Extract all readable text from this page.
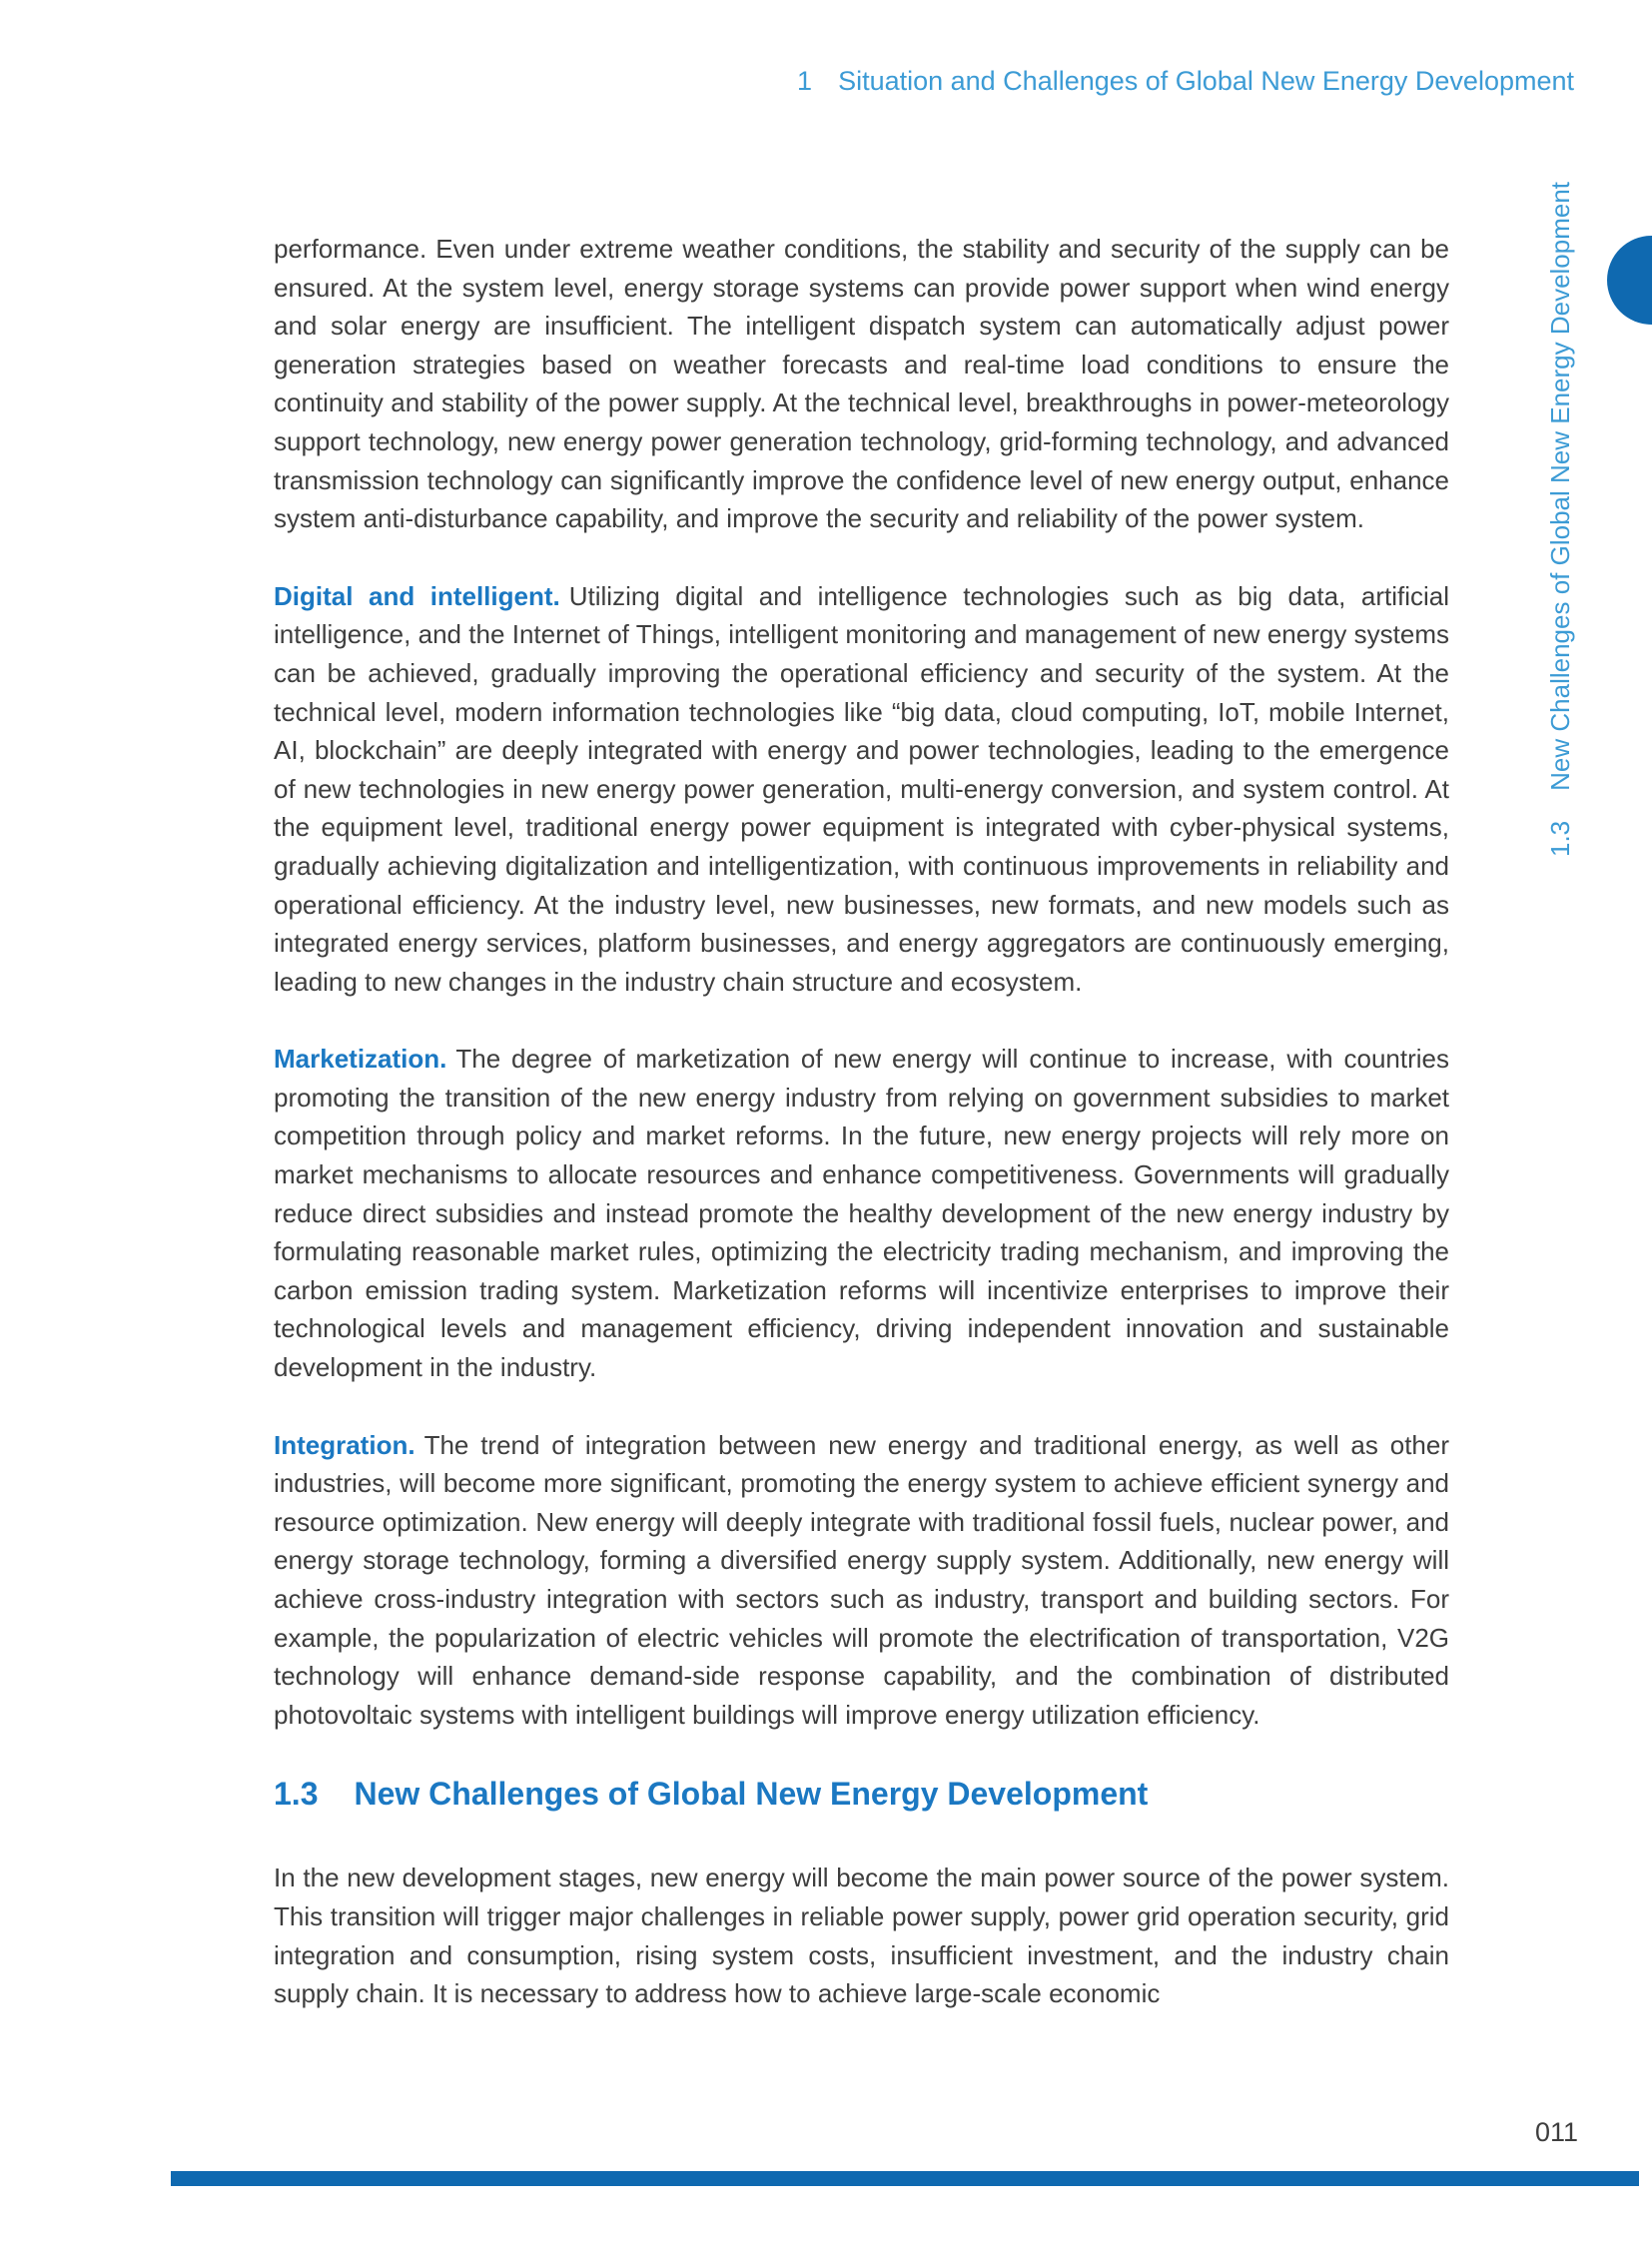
1 Situation and Challenges of Global New Energy Development
1.3New Challenges of Global New Energy Development

performance. Even under extreme weather conditions, the stability and security of the supply can be ensured. At the system level, energy storage systems can provide power support when wind energy and solar energy are insufficient. The intelligent dispatch system can automatically adjust power generation strategies based on weather forecasts and real-time load conditions to ensure the continuity and stability of the power supply. At the technical level, breakthroughs in power-meteorology support technology, new energy power generation technology, grid-forming technology, and advanced transmission technology can significantly improve the confidence level of new energy output, enhance system anti-disturbance capability, and improve the security and reliability of the power system.

Digital and intelligent. Utilizing digital and intelligence technologies such as big data, artificial intelligence, and the Internet of Things, intelligent monitoring and management of new energy systems can be achieved, gradually improving the operational efficiency and security of the system. At the technical level, modern information technologies like “big data, cloud computing, IoT, mobile Internet, AI, blockchain” are deeply integrated with energy and power technologies, leading to the emergence of new technologies in new energy power generation, multi-energy conversion, and system control. At the equipment level, traditional energy power equipment is integrated with cyber-physical systems, gradually achieving digitalization and intelligentization, with continuous improvements in reliability and operational efficiency. At the industry level, new businesses, new formats, and new models such as integrated energy services, platform businesses, and energy aggregators are continuously emerging, leading to new changes in the industry chain structure and ecosystem.

Marketization. The degree of marketization of new energy will continue to increase, with countries promoting the transition of the new energy industry from relying on government subsidies to market competition through policy and market reforms. In the future, new energy projects will rely more on market mechanisms to allocate resources and enhance competitiveness. Governments will gradually reduce direct subsidies and instead promote the healthy development of the new energy industry by formulating reasonable market rules, optimizing the electricity trading mechanism, and improving the carbon emission trading system. Marketization reforms will incentivize enterprises to improve their technological levels and management efficiency, driving independent innovation and sustainable development in the industry.

Integration. The trend of integration between new energy and traditional energy, as well as other industries, will become more significant, promoting the energy system to achieve efficient synergy and resource optimization. New energy will deeply integrate with traditional fossil fuels, nuclear power, and energy storage technology, forming a diversified energy supply system. Additionally, new energy will achieve cross-industry integration with sectors such as industry, transport and building sectors. For example, the popularization of electric vehicles will promote the electrification of transportation, V2G technology will enhance demand-side response capability, and the combination of distributed photovoltaic systems with intelligent buildings will improve energy utilization efficiency.

1.3 New Challenges of Global New Energy Development

In the new development stages, new energy will become the main power source of the power system. This transition will trigger major challenges in reliable power supply, power grid operation security, grid integration and consumption, rising system costs, insufficient investment, and the industry chain supply chain. It is necessary to address how to achieve large-scale economic

011
